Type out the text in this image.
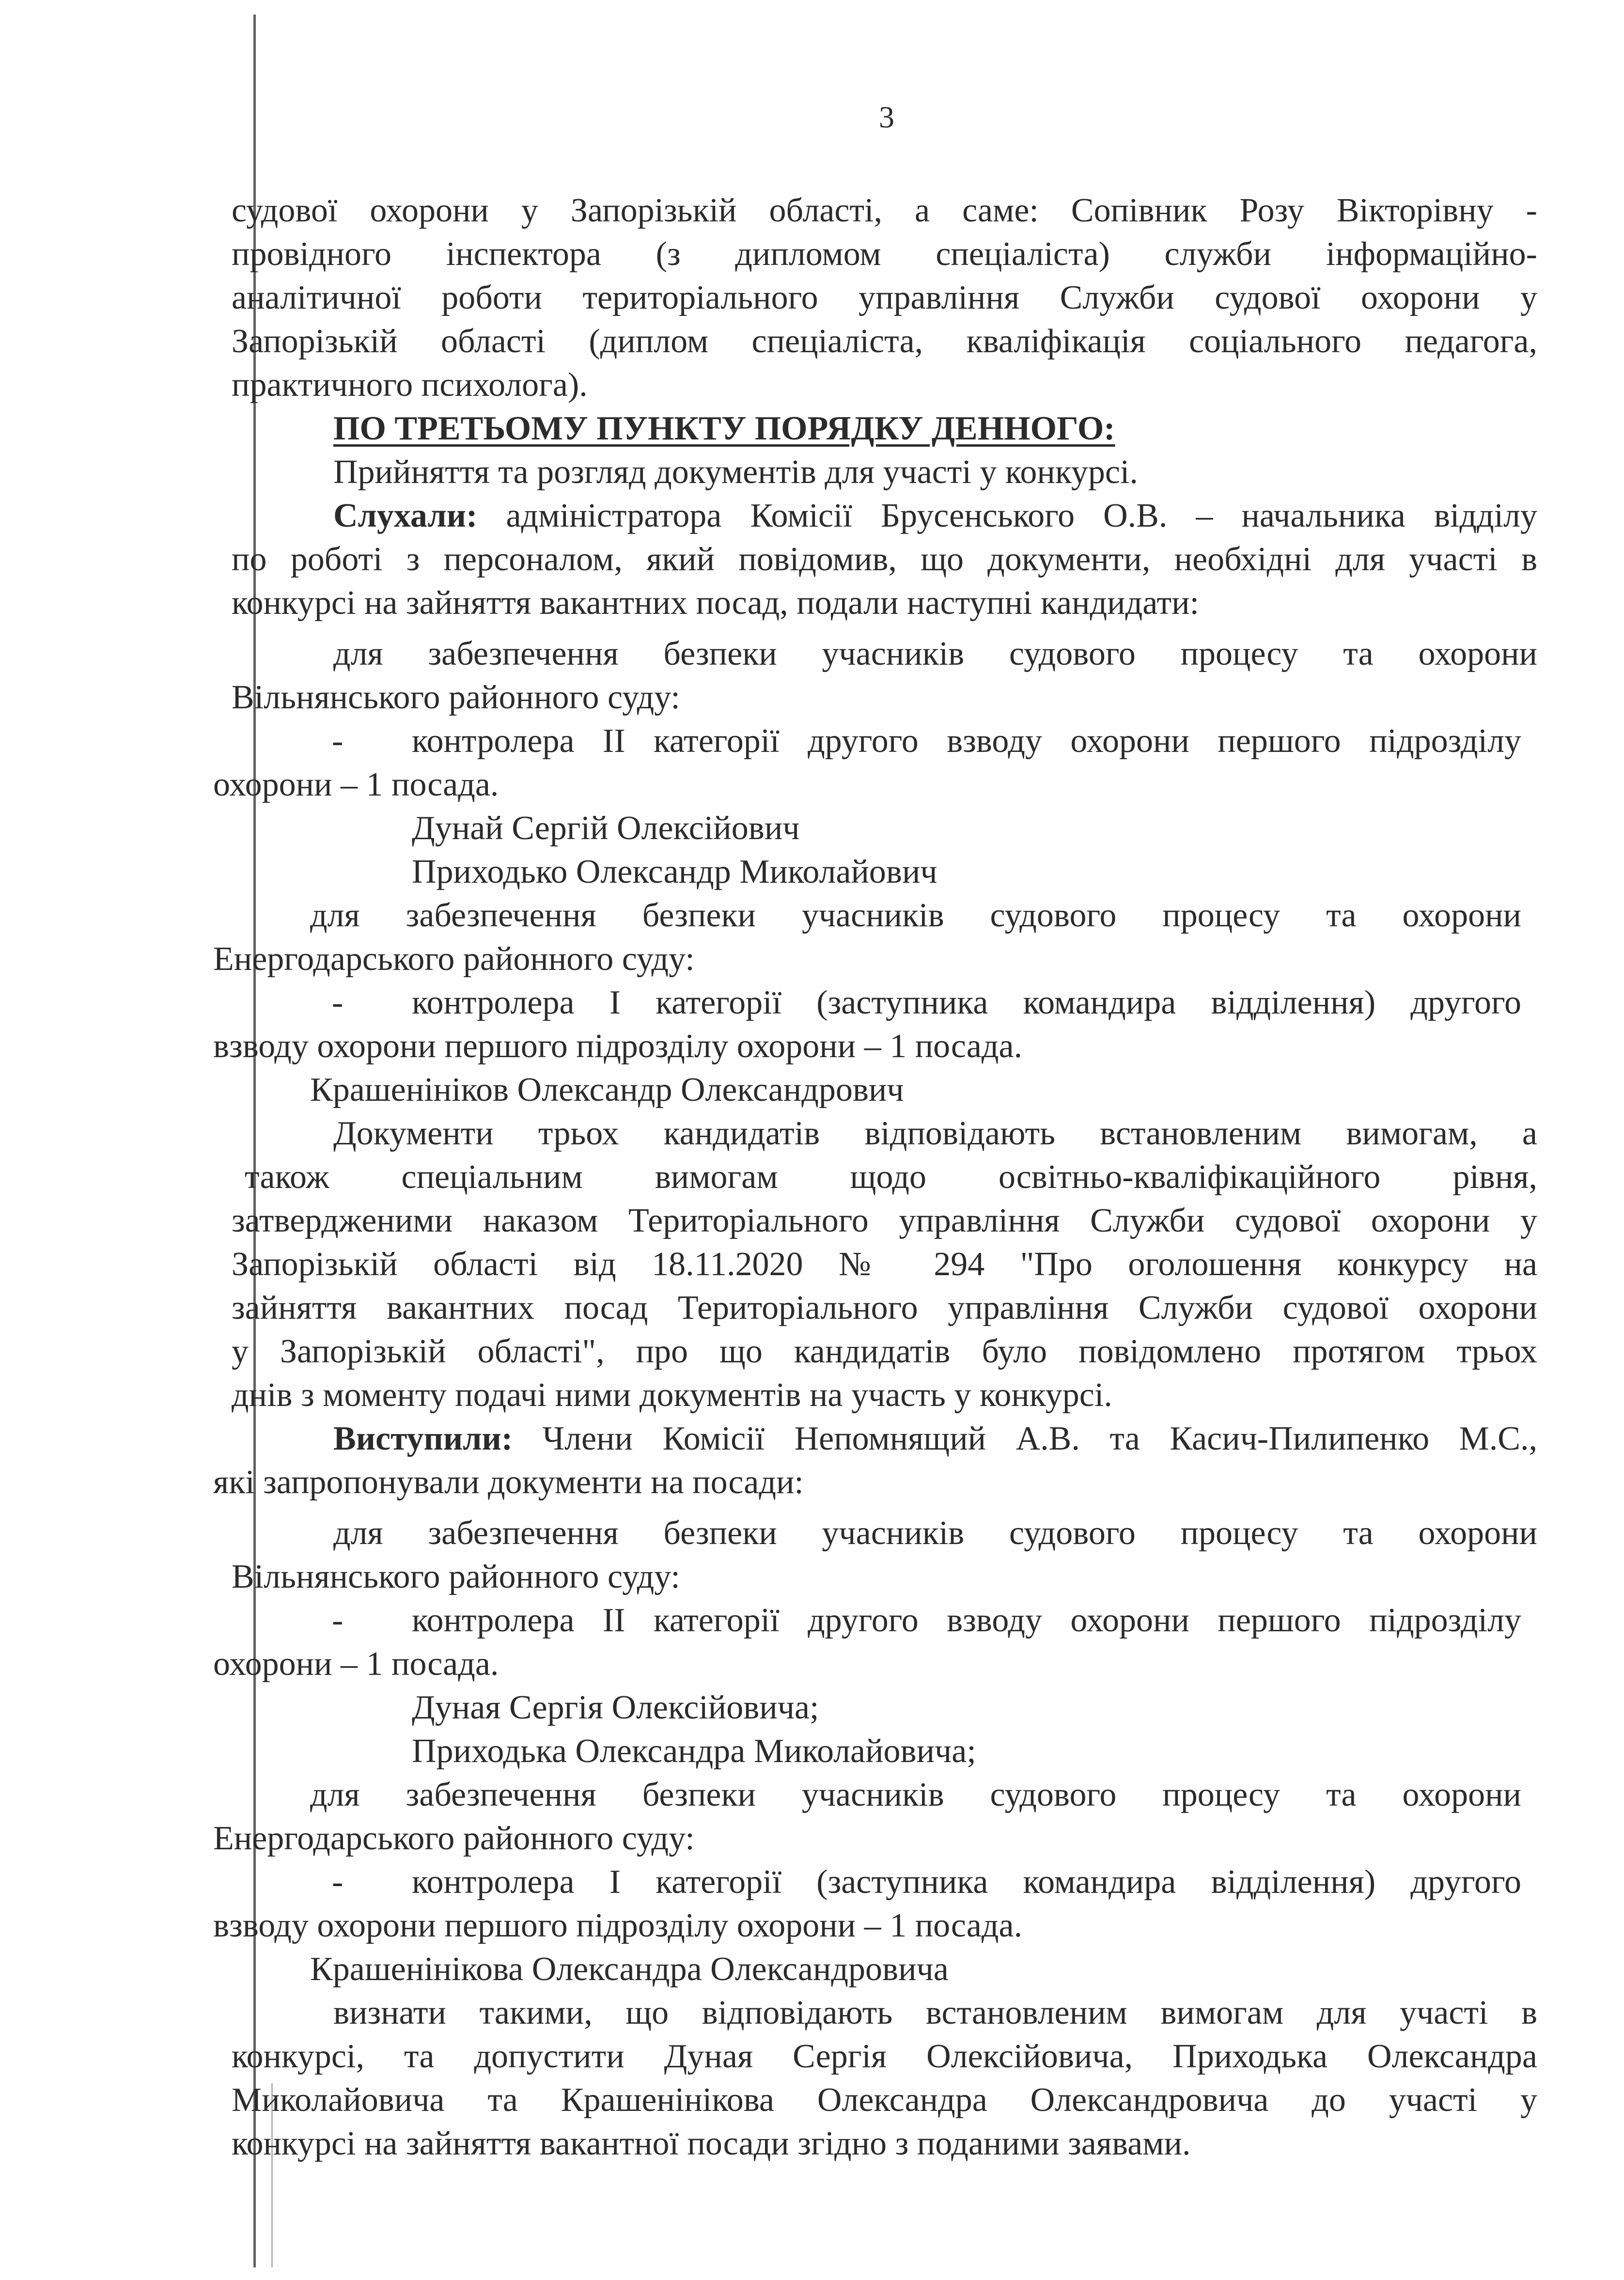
3
судової охорони у Запорізькій області, а саме: Сопівник Розу Вікторівну -
провідного інспектора (з дипломом спеціаліста) служби інформаційно-
аналітичної роботи територіального управління Служби судової охорони у
Запорізькій області (диплом спеціаліста, кваліфікація соціального педагога,
практичного психолога).
ПО ТРЕТЬОМУ ПУНКТУ ПОРЯДКУ ДЕННОГО:
Прийняття та розгляд документів для участі у конкурсі.
Слухали: адміністратора Комісії Брусенського О.В. – начальника відділу
по роботі з персоналом, який повідомив, що документи, необхідні для участі в
конкурсі на зайняття вакантних посад, подали наступні кандидати:
для забезпечення безпеки учасників судового процесу та охорони
Вільнянського районного суду:
- контролера II категорії другого взводу охорони першого підрозділу
охорони – 1 посада.
Дунай Сергій Олексійович
Приходько Олександр Миколайович
для забезпечення безпеки учасників судового процесу та охорони
Енергодарського районного суду:
- контролера I категорії (заступника командира відділення) другого
взводу охорони першого підрозділу охорони – 1 посада.
Крашенініков Олександр Олександрович
Документи трьох кандидатів відповідають встановленим вимогам, а
також спеціальним вимогам щодо освітньо-кваліфікаційного рівня,
затвердженими наказом Територіального управління Служби судової охорони у
Запорізькій області від 18.11.2020 № 294 "Про оголошення конкурсу на
зайняття вакантних посад Територіального управління Служби судової охорони
у Запорізькій області", про що кандидатів було повідомлено протягом трьох
днів з моменту подачі ними документів на участь у конкурсі.
Виступили: Члени Комісії Непомнящий А.В. та Касич-Пилипенко М.С.,
які запропонували документи на посади:
для забезпечення безпеки учасників судового процесу та охорони
Вільнянського районного суду:
- контролера II категорії другого взводу охорони першого підрозділу
охорони – 1 посада.
Дуная Сергія Олексійовича;
Приходька Олександра Миколайовича;
для забезпечення безпеки учасників судового процесу та охорони
Енергодарського районного суду:
- контролера I категорії (заступника командира відділення) другого
взводу охорони першого підрозділу охорони – 1 посада.
Крашенінікова Олександра Олександровича
визнати такими, що відповідають встановленим вимогам для участі в
конкурсі, та допустити Дуная Сергія Олексійовича, Приходька Олександра
Миколайовича та Крашенінікова Олександра Олександровича до участі у
конкурсі на зайняття вакантної посади згідно з поданими заявами.
